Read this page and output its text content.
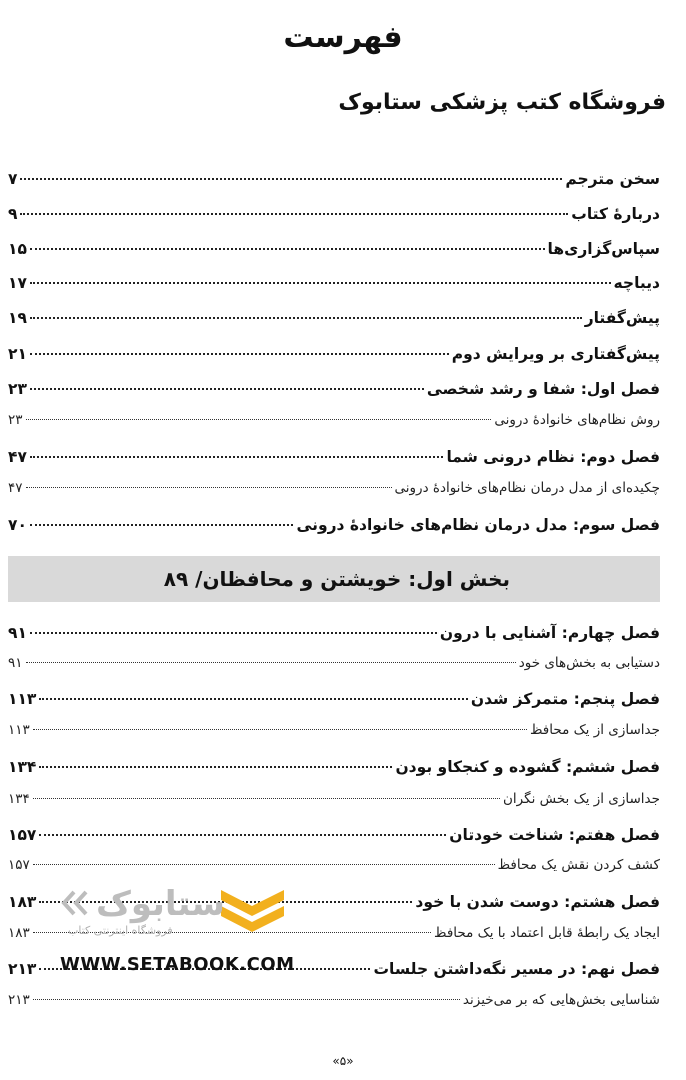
فهرست
فروشگاه کتب پزشکی ستابوک
سخن مترجم
۷
دربارهٔ کتاب
۹
سپاس‌گزاری‌ها
۱۵
دیباچه
۱۷
پیش‌گفتار
۱۹
پیش‌گفتاری بر ویرایش دوم
۲۱
فصل اول: شفا و رشد شخصی
۲۳
روش نظام‌های خانوادهٔ درونی
۲۳
فصل دوم: نظام درونی شما
۴۷
چکیده‌ای از مدل درمان نظام‌های خانوادهٔ درونی
۴۷
فصل سوم: مدل درمان نظام‌های خانوادهٔ درونی
۷۰
بخش اول: خویشتن و محافظان/ ۸۹
فصل چهارم: آشنایی با درون
۹۱
دستیابی به بخش‌های خود
۹۱
فصل پنجم: متمرکز شدن
۱۱۳
جداسازی از یک محافظ
۱۱۳
فصل ششم: گشوده و کنجکاو بودن
۱۳۴
جداسازی از یک بخش نگران
۱۳۴
فصل هفتم: شناخت خودتان
۱۵۷
کشف کردن نقش یک محافظ
۱۵۷
فصل هشتم: دوست شدن با خود
۱۸۳
ایجاد یک رابطهٔ قابل اعتماد با یک محافظ
۱۸۳
فصل نهم: در مسیر نگه‌داشتن جلسات
۲۱۳
شناسایی بخش‌هایی که بر می‌خیزند
۲۱۳
ستابوک
فروشگاه اینترنتی کتاب
WWW.SETABOOK.COM
«۵»
